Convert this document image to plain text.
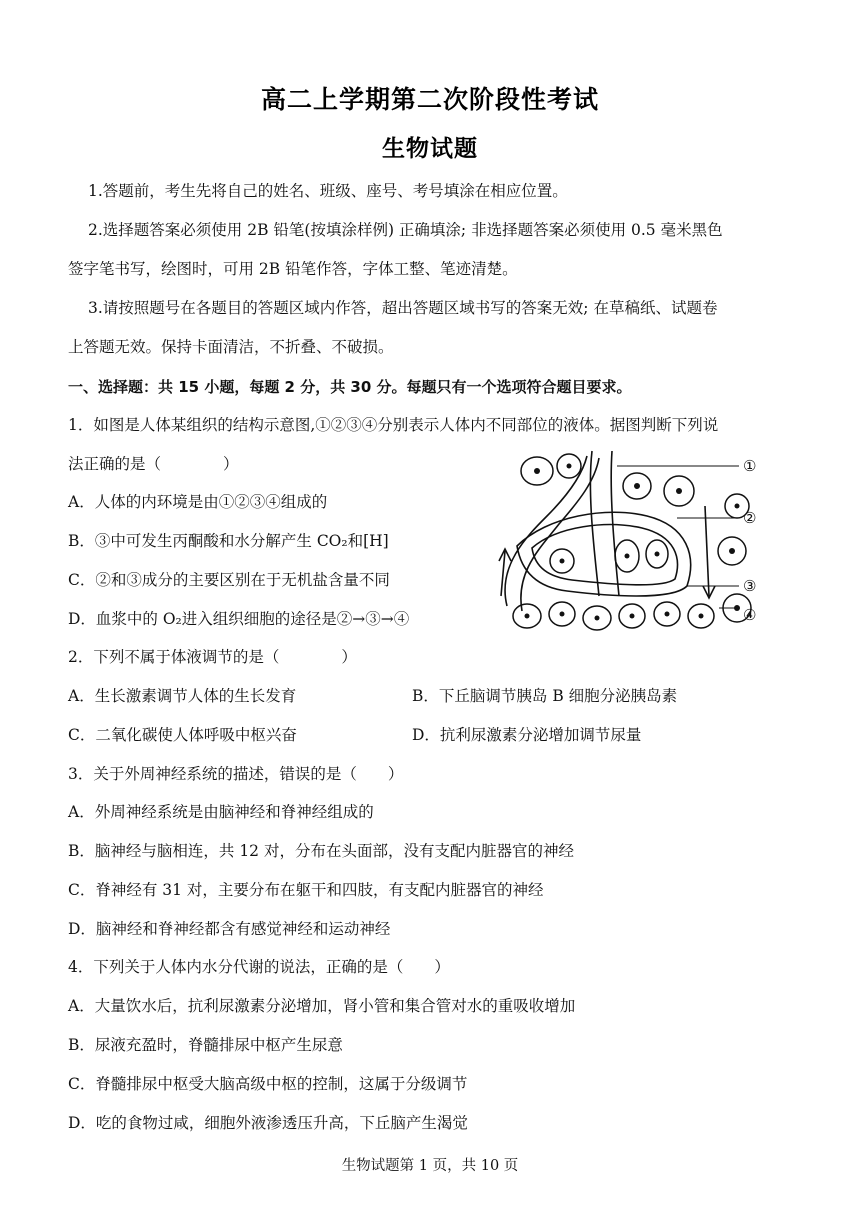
高二上学期第二次阶段性考试
生物试题
1.答题前，考生先将自己的姓名、班级、座号、考号填涂在相应位置。
2.选择题答案必须使用 2B 铅笔(按填涂样例) 正确填涂; 非选择题答案必须使用 0.5 毫米黑色
签字笔书写，绘图时，可用 2B 铅笔作答，字体工整、笔迹清楚。
3.请按照题号在各题目的答题区域内作答，超出答题区域书写的答案无效; 在草稿纸、试题卷
上答题无效。保持卡面清洁，不折叠、不破损。
一、选择题：共 15 小题，每题 2 分，共 30 分。每题只有一个选项符合题目要求。
1．如图是人体某组织的结构示意图,①②③④分别表示人体内不同部位的液体。据图判断下列说
法正确的是（　　　　）
A．人体的内环境是由①②③④组成的
B．③中可发生丙酮酸和水分解产生 CO₂和[H]
C．②和③成分的主要区别在于无机盐含量不同
D．血浆中的 O₂进入组织细胞的途径是②→③→④
①
②
③
④
2．下列不属于体液调节的是（　　　　）
A．生长激素调节人体的生长发育	B．下丘脑调节胰岛 B 细胞分泌胰岛素
C．二氧化碳使人体呼吸中枢兴奋	D．抗利尿激素分泌增加调节尿量
3．关于外周神经系统的描述，错误的是（　　）
A．外周神经系统是由脑神经和脊神经组成的
B．脑神经与脑相连，共 12 对，分布在头面部，没有支配内脏器官的神经
C．脊神经有 31 对，主要分布在躯干和四肢，有支配内脏器官的神经
D．脑神经和脊神经都含有感觉神经和运动神经
4．下列关于人体内水分代谢的说法，正确的是（　　）
A．大量饮水后，抗利尿激素分泌增加，肾小管和集合管对水的重吸收增加
B．尿液充盈时，脊髓排尿中枢产生尿意
C．脊髓排尿中枢受大脑高级中枢的控制，这属于分级调节
D．吃的食物过咸，细胞外液渗透压升高，下丘脑产生渴觉
生物试题第 1 页，共 10 页
